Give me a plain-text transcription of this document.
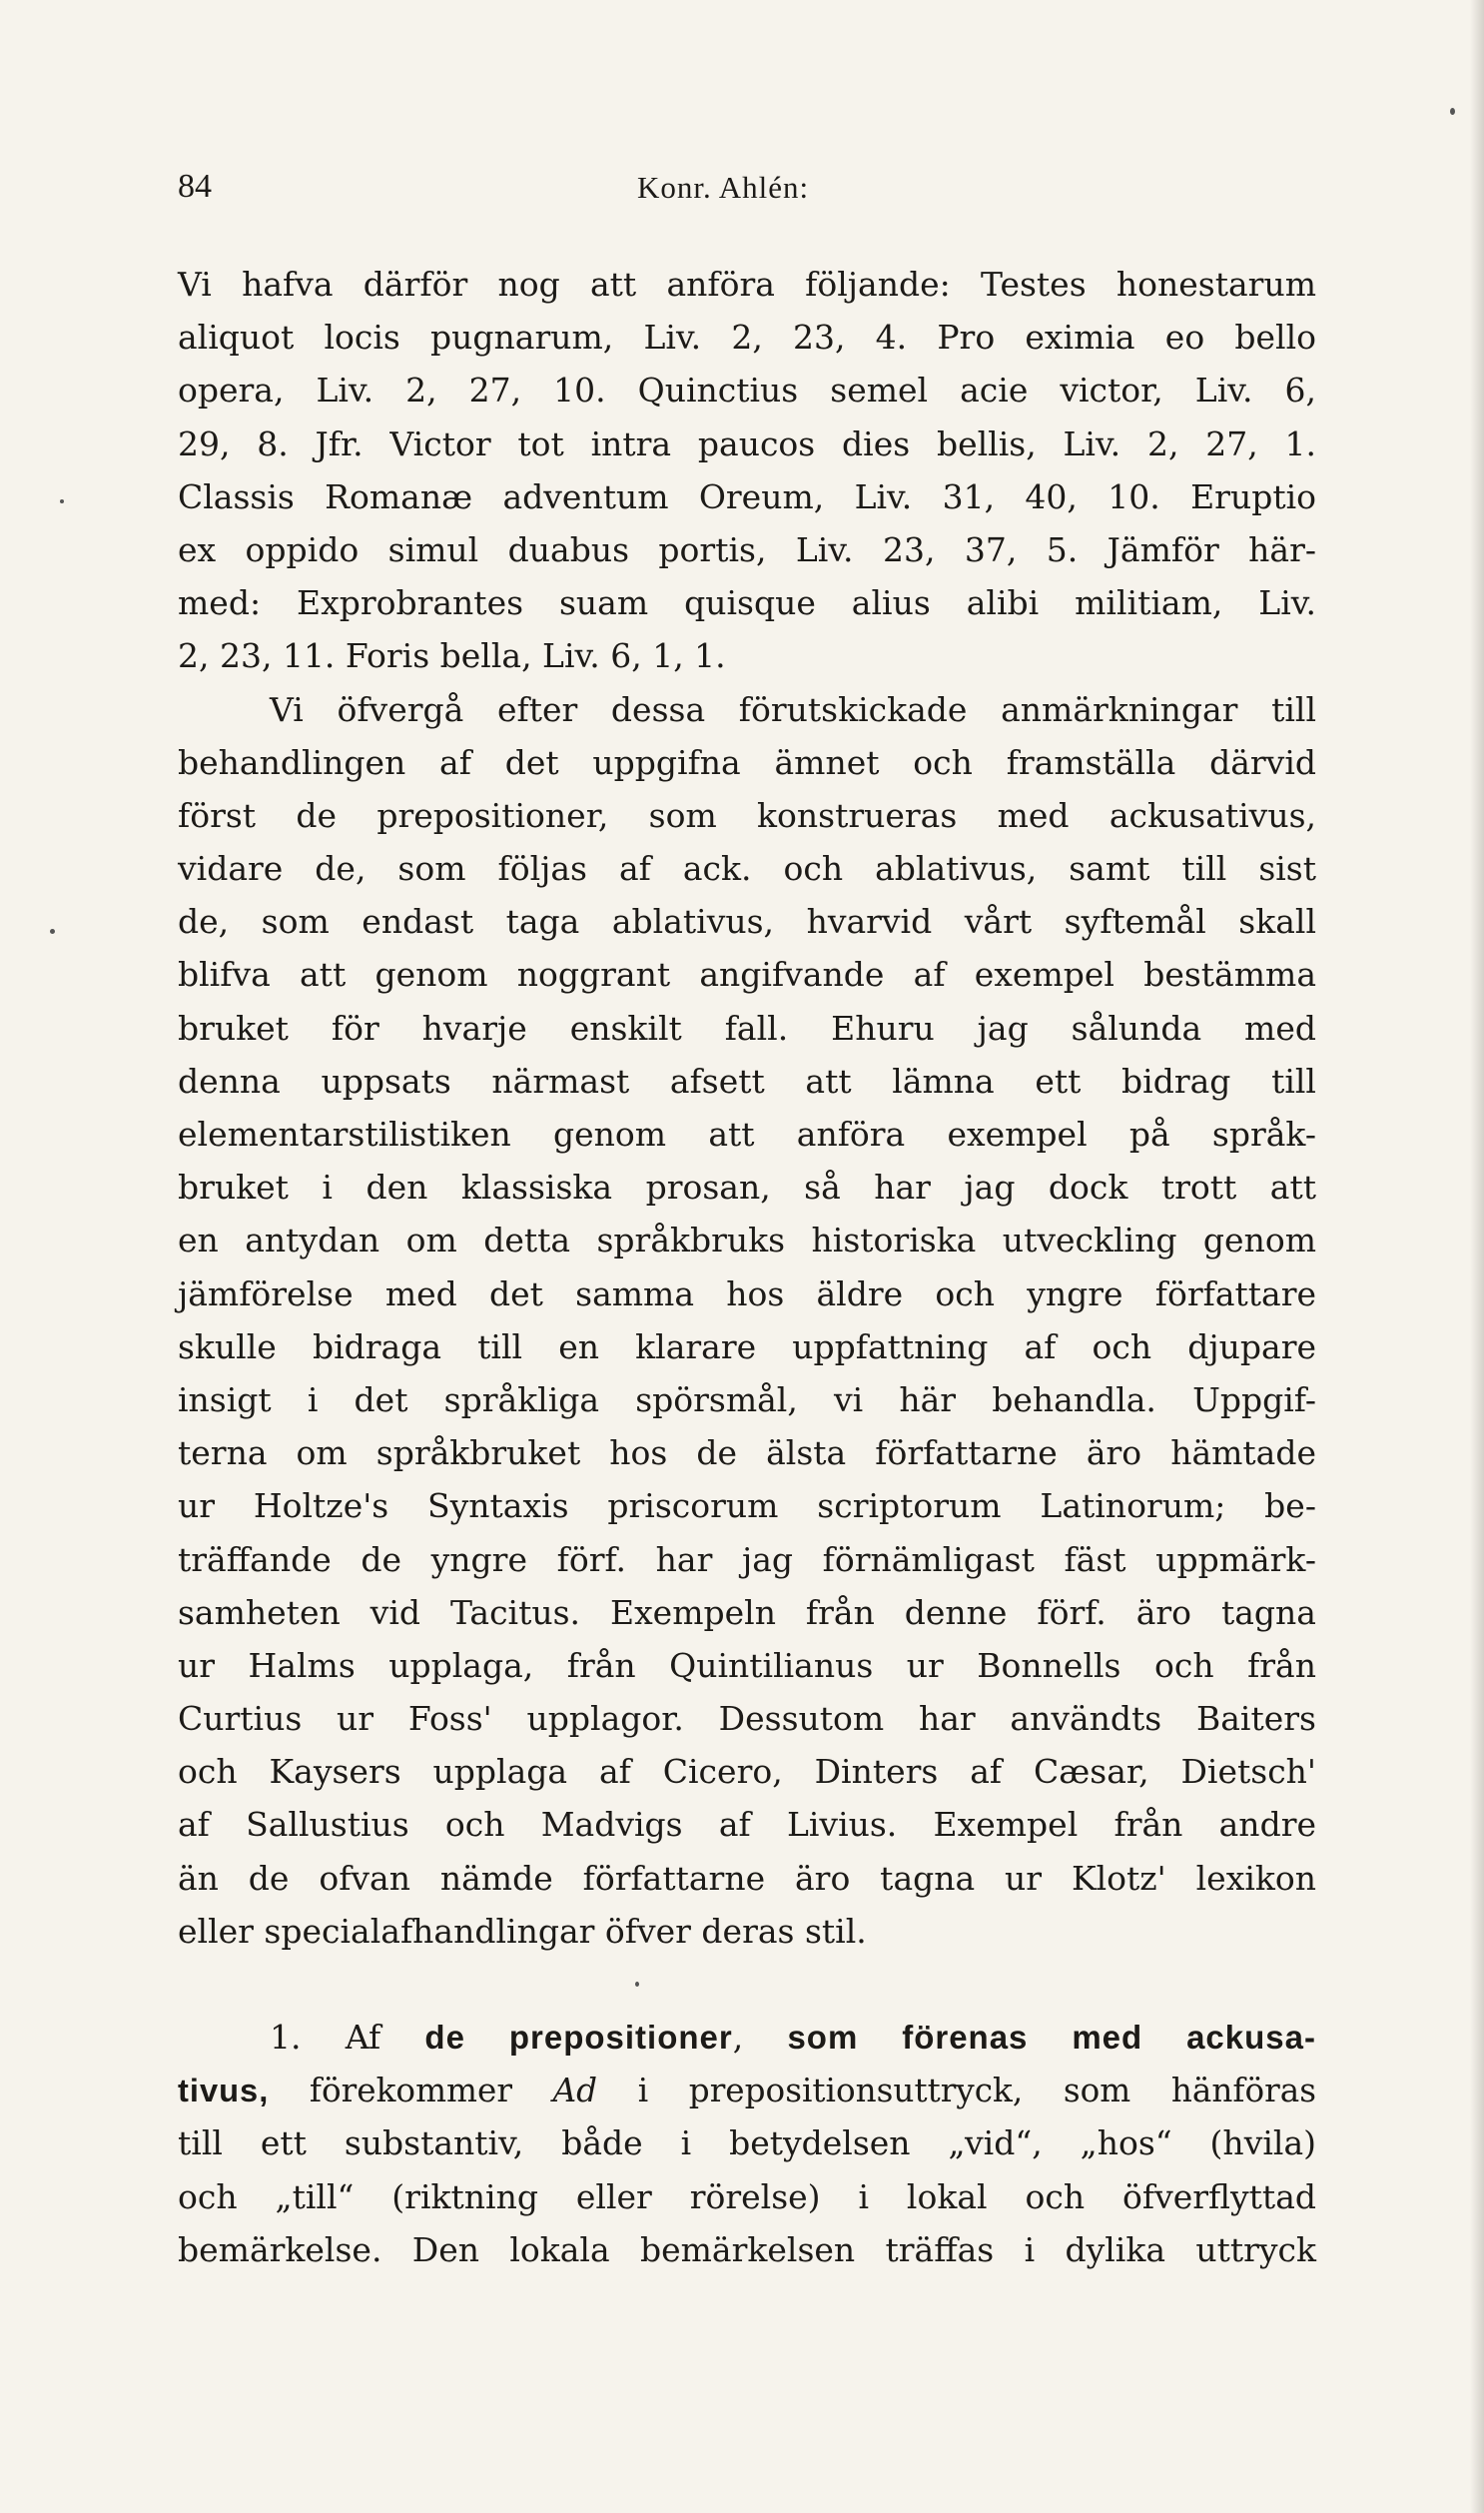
84	Konr. Ahlén:
Vi hafva därför nog att anföra följande: Testes honestarum
aliquot locis pugnarum, Liv. 2, 23, 4. Pro eximia eo bello
opera, Liv. 2, 27, 10. Quinctius semel acie victor, Liv. 6,
29, 8. Jfr. Victor tot intra paucos dies bellis, Liv. 2, 27, 1.
Classis Romanæ adventum Oreum, Liv. 31, 40, 10. Eruptio
ex oppido simul duabus portis, Liv. 23, 37, 5. Jämför här-
med: Exprobrantes suam quisque alius alibi militiam, Liv.
2, 23, 11. Foris bella, Liv. 6, 1, 1.
Vi öfvergå efter dessa förutskickade anmärkningar till
behandlingen af det uppgifna ämnet och framställa därvid
först de prepositioner, som konstrueras med ackusativus,
vidare de, som följas af ack. och ablativus, samt till sist
de, som endast taga ablativus, hvarvid vårt syftemål skall
blifva att genom noggrant angifvande af exempel bestämma
bruket för hvarje enskilt fall. Ehuru jag sålunda med
denna uppsats närmast afsett att lämna ett bidrag till
elementarstilistiken genom att anföra exempel på språk-
bruket i den klassiska prosan, så har jag dock trott att
en antydan om detta språkbruks historiska utveckling genom
jämförelse med det samma hos äldre och yngre författare
skulle bidraga till en klarare uppfattning af och djupare
insigt i det språkliga spörsmål, vi här behandla. Uppgif-
terna om språkbruket hos de älsta författarne äro hämtade
ur Holtze's Syntaxis priscorum scriptorum Latinorum; be-
träffande de yngre förf. har jag förnämligast fäst uppmärk-
samheten vid Tacitus. Exempeln från denne förf. äro tagna
ur Halms upplaga, från Quintilianus ur Bonnells och från
Curtius ur Foss' upplagor. Dessutom har användts Baiters
och Kaysers upplaga af Cicero, Dinters af Cæsar, Dietsch'
af Sallustius och Madvigs af Livius. Exempel från andre
än de ofvan nämde författarne äro tagna ur Klotz' lexikon
eller specialafhandlingar öfver deras stil.
1. Af de prepositioner, som förenas med ackusa-
tivus, förekommer Ad i prepositionsuttryck, som hänföras
till ett substantiv, både i betydelsen „vid“, „hos“ (hvila)
och „till“ (riktning eller rörelse) i lokal och öfverflyttad
bemärkelse. Den lokala bemärkelsen träffas i dylika uttryck
